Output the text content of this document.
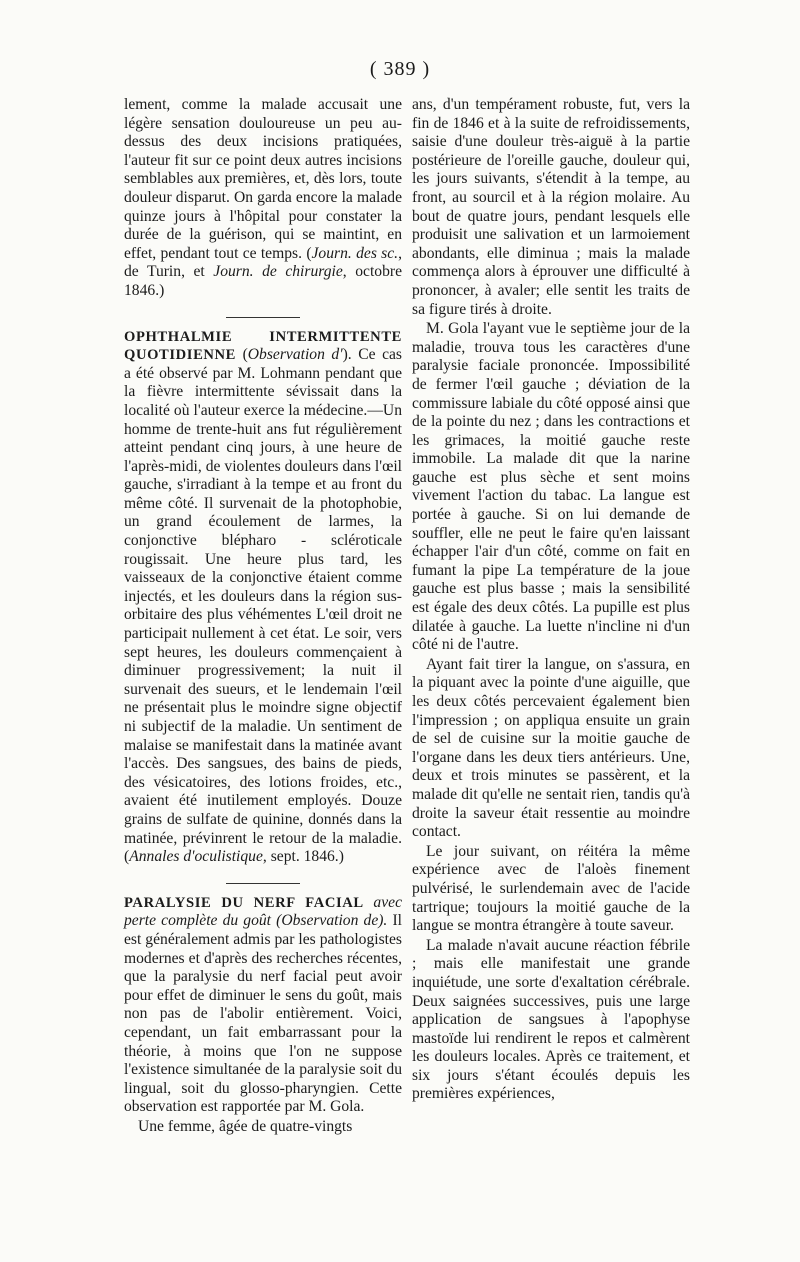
( 389 )

lement, comme la malade accusait une légère sensation douloureuse un peu au-dessus des deux incisions pratiquées, l'auteur fit sur ce point deux autres incisions semblables aux premières, et, dès lors, toute douleur disparut. On garda encore la malade quinze jours à l'hôpital pour constater la durée de la guérison, qui se maintint, en effet, pendant tout ce temps. (Journ. des sc., de Turin, et Journ. de chirurgie, octobre 1846.)

OPHTHALMIE INTERMITTENTE QUOTIDIENNE (Observation d'). Ce cas a été observé par M. Lohmann pendant que la fièvre intermittente sévissait dans la localité où l'auteur exerce la médecine.—Un homme de trente-huit ans fut régulièrement atteint pendant cinq jours, à une heure de l'après-midi, de violentes douleurs dans l'œil gauche, s'irradiant à la tempe et au front du même côté. Il survenait de la photophobie, un grand écoulement de larmes, la conjonctive blépharo - scléroticale rougissait. Une heure plus tard, les vaisseaux de la conjonctive étaient comme injectés, et les douleurs dans la région sus-orbitaire des plus véhémentes L'œil droit ne participait nullement à cet état. Le soir, vers sept heures, les douleurs commençaient à diminuer progressivement; la nuit il survenait des sueurs, et le lendemain l'œil ne présentait plus le moindre signe objectif ni subjectif de la maladie. Un sentiment de malaise se manifestait dans la matinée avant l'accès. Des sangsues, des bains de pieds, des vésicatoires, des lotions froides, etc., avaient été inutilement employés. Douze grains de sulfate de quinine, donnés dans la matinée, prévinrent le retour de la maladie. (Annales d'oculistique, sept. 1846.)

PARALYSIE DU NERF FACIAL avec perte complète du goût (Observation de). Il est généralement admis par les pathologistes modernes et d'après des recherches récentes, que la paralysie du nerf facial peut avoir pour effet de diminuer le sens du goût, mais non pas de l'abolir entièrement. Voici, cependant, un fait embarrassant pour la théorie, à moins que l'on ne suppose l'existence simultanée de la paralysie soit du lingual, soit du glosso-pharyngien. Cette observation est rapportée par M. Gola.

Une femme, âgée de quatre-vingts

ans, d'un tempérament robuste, fut, vers la fin de 1846 et à la suite de refroidissements, saisie d'une douleur très-aiguë à la partie postérieure de l'oreille gauche, douleur qui, les jours suivants, s'étendit à la tempe, au front, au sourcil et à la région molaire. Au bout de quatre jours, pendant lesquels elle produisit une salivation et un larmoiement abondants, elle diminua ; mais la malade commença alors à éprouver une difficulté à prononcer, à avaler; elle sentit les traits de sa figure tirés à droite.

M. Gola l'ayant vue le septième jour de la maladie, trouva tous les caractères d'une paralysie faciale prononcée. Impossibilité de fermer l'œil gauche ; déviation de la commissure labiale du côté opposé ainsi que de la pointe du nez ; dans les contractions et les grimaces, la moitié gauche reste immobile. La malade dit que la narine gauche est plus sèche et sent moins vivement l'action du tabac. La langue est portée à gauche. Si on lui demande de souffler, elle ne peut le faire qu'en laissant échapper l'air d'un côté, comme on fait en fumant la pipe La température de la joue gauche est plus basse ; mais la sensibilité est égale des deux côtés. La pupille est plus dilatée à gauche. La luette n'incline ni d'un côté ni de l'autre.

Ayant fait tirer la langue, on s'assura, en la piquant avec la pointe d'une aiguille, que les deux côtés percevaient également bien l'impression ; on appliqua ensuite un grain de sel de cuisine sur la moitie gauche de l'organe dans les deux tiers antérieurs. Une, deux et trois minutes se passèrent, et la malade dit qu'elle ne sentait rien, tandis qu'à droite la saveur était ressentie au moindre contact.

Le jour suivant, on réitéra la même expérience avec de l'aloès finement pulvérisé, le surlendemain avec de l'acide tartrique; toujours la moitié gauche de la langue se montra étrangère à toute saveur.

La malade n'avait aucune réaction fébrile ; mais elle manifestait une grande inquiétude, une sorte d'exaltation cérébrale. Deux saignées successives, puis une large application de sangsues à l'apophyse mastoïde lui rendirent le repos et calmèrent les douleurs locales. Après ce traitement, et six jours s'étant écoulés depuis les premières expériences,
